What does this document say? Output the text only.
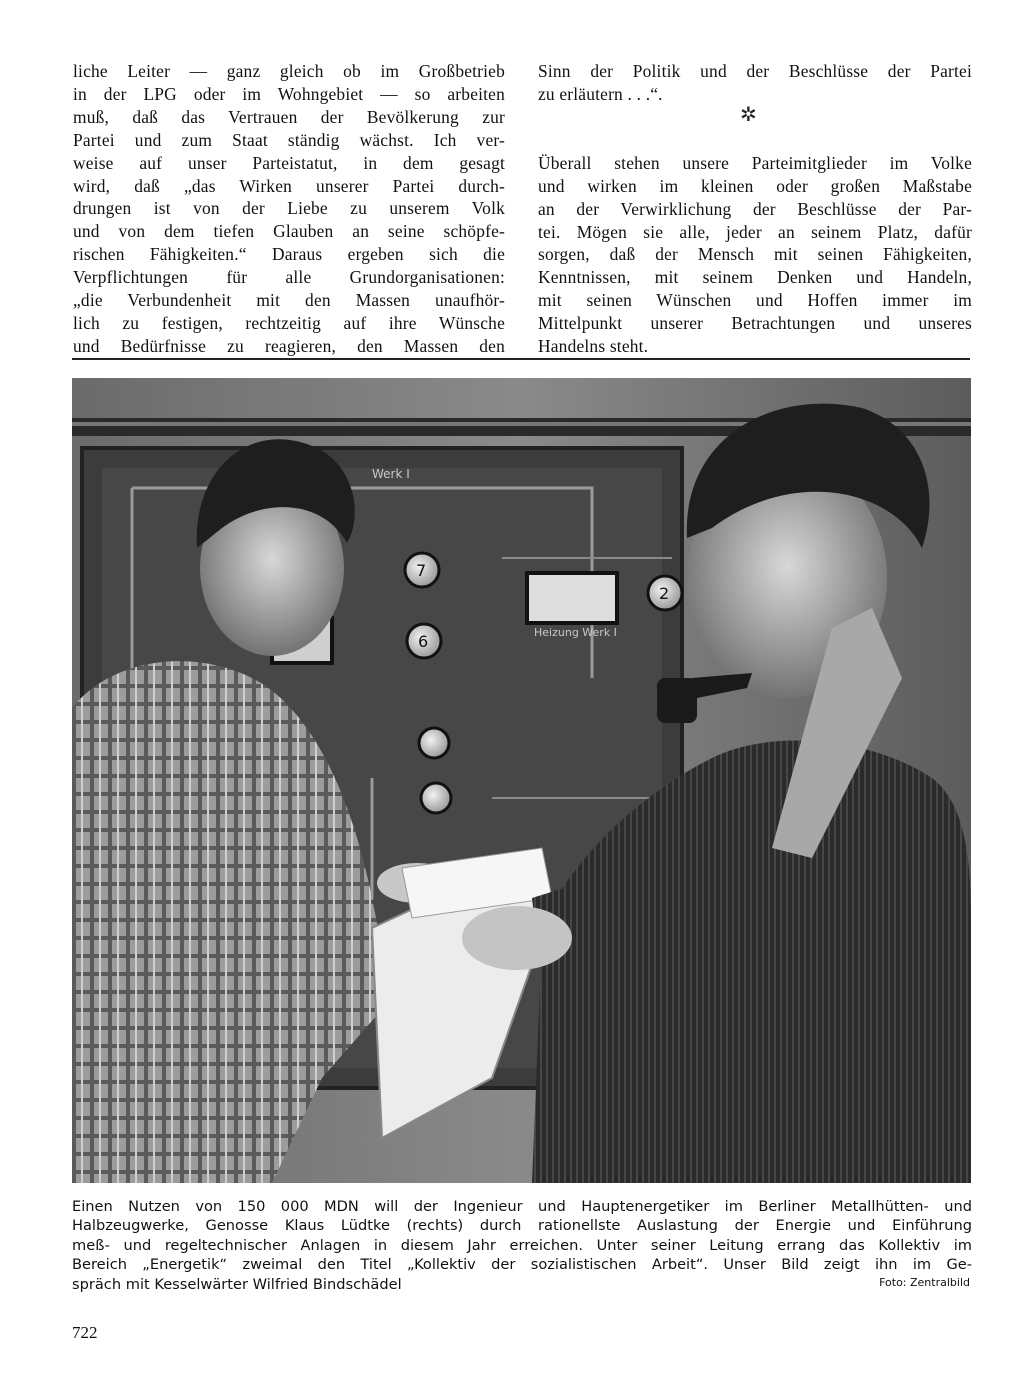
liche Leiter — ganz gleich ob im Großbetrieb
in der LPG oder im Wohngebiet — so arbeiten
muß, daß das Vertrauen der Bevölkerung zur
Partei und zum Staat ständig wächst. Ich ver-
weise auf unser Parteistatut, in dem gesagt
wird, daß „das Wirken unserer Partei durch-
drungen ist von der Liebe zu unserem Volk
und von dem tiefen Glauben an seine schöpfe-
rischen Fähigkeiten.“ Daraus ergeben sich die
Verpflichtungen für alle Grundorganisationen:
„die Verbundenheit mit den Massen unaufhör-
lich zu festigen, rechtzeitig auf ihre Wünsche
und Bedürfnisse zu reagieren, den Massen den
Sinn der Politik und der Beschlüsse der Partei
zu erläutern . . .“.
Überall stehen unsere Parteimitglieder im Volke
und wirken im kleinen oder großen Maßstabe
an der Verwirklichung der Beschlüsse der Par-
tei. Mögen sie alle, jeder an seinem Platz, dafür
sorgen, daß der Mensch mit seinen Fähigkeiten,
Kenntnissen, mit seinem Denken und Handeln,
mit seinen Wünschen und Hoffen immer im
Mittelpunkt unserer Betrachtungen und unseres
Handelns steht.
✲
Werk I
Heizung Werk I
7
6
2
Einen Nutzen von 150 000 MDN will der Ingenieur und Hauptenergetiker im Berliner Metallhütten- und
Halbzeugwerke, Genosse Klaus Lüdtke (rechts) durch rationellste Auslastung der Energie und Einführung
meß- und regeltechnischer Anlagen in diesem Jahr erreichen. Unter seiner Leitung errang das Kollektiv im
Bereich „Energetik“ zweimal den Titel „Kollektiv der sozialistischen Arbeit“. Unser Bild zeigt ihn im Ge-
spräch mit Kesselwärter Wilfried Bindschädel	Foto: Zentralbild
722
